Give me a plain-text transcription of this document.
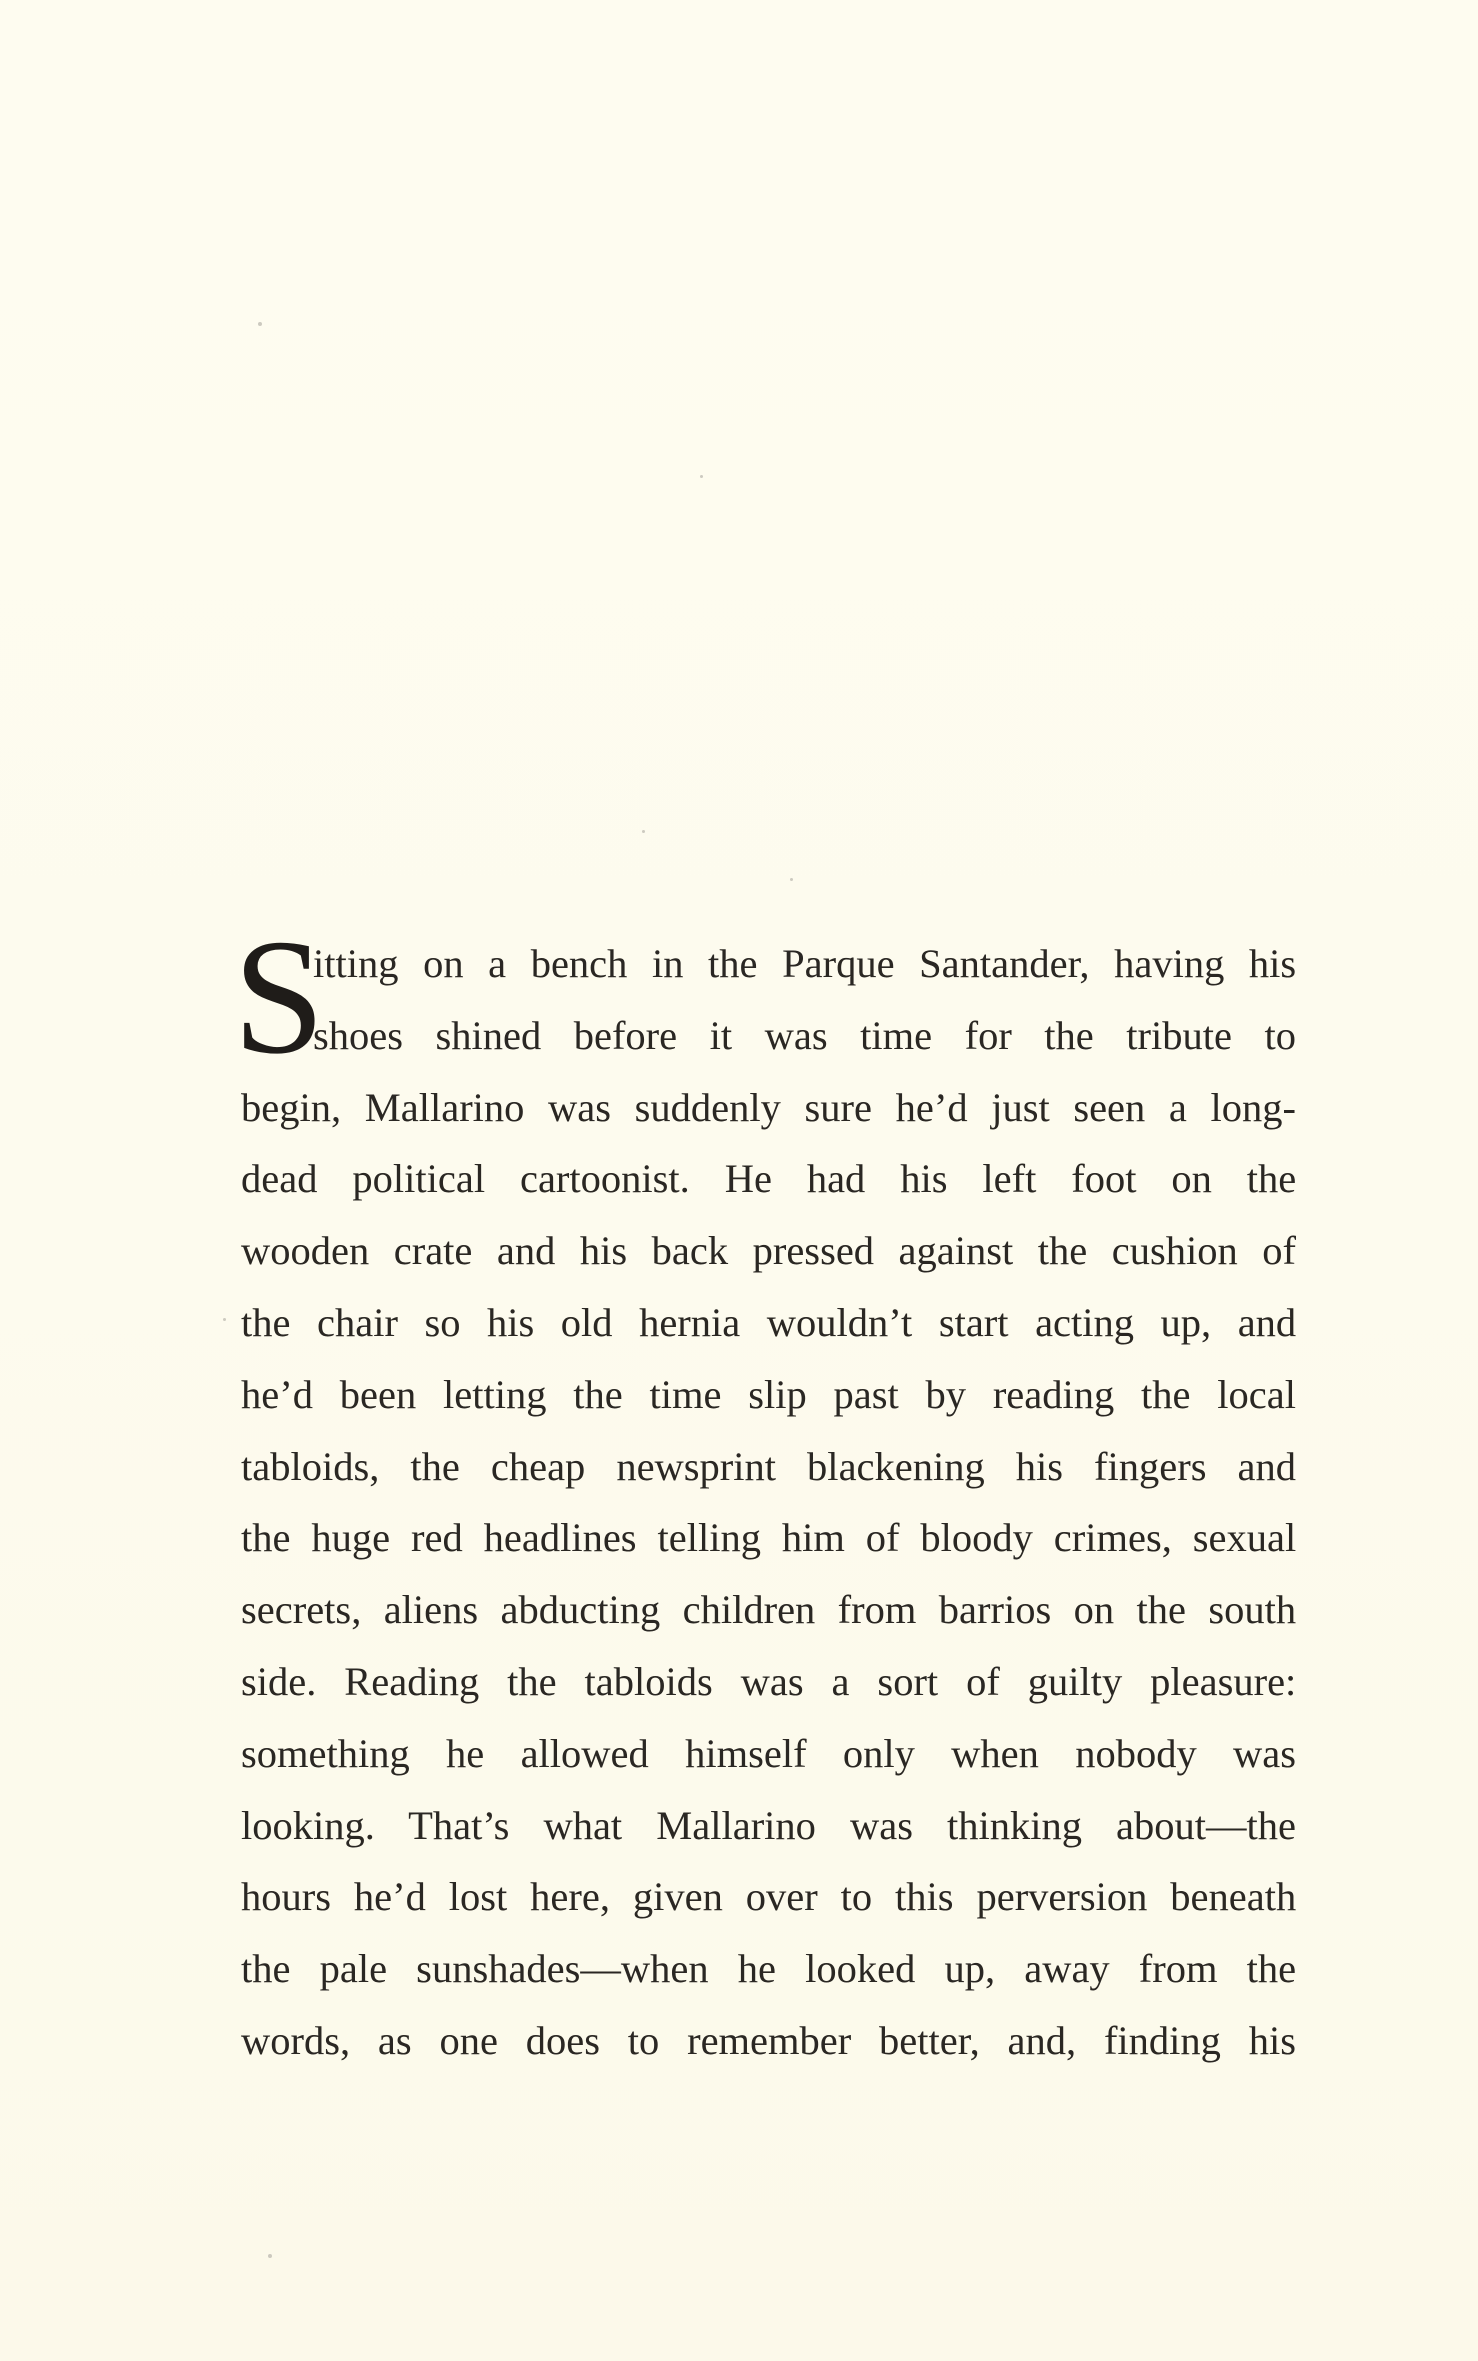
S
itting on a bench in the Parque Santander, having his
shoes shined before it was time for the tribute to
begin, Mallarino was suddenly sure he’d just seen a long-
dead political cartoonist. He had his left foot on the
wooden crate and his back pressed against the cushion of
the chair so his old hernia wouldn’t start acting up, and
he’d been letting the time slip past by reading the local
tabloids, the cheap newsprint blackening his fingers and
the huge red headlines telling him of bloody crimes, sexual
secrets, aliens abducting children from barrios on the south
side. Reading the tabloids was a sort of guilty pleasure:
something he allowed himself only when nobody was
looking. That’s what Mallarino was thinking about—the
hours he’d lost here, given over to this perversion beneath
the pale sunshades—when he looked up, away from the
words, as one does to remember better, and, finding his
